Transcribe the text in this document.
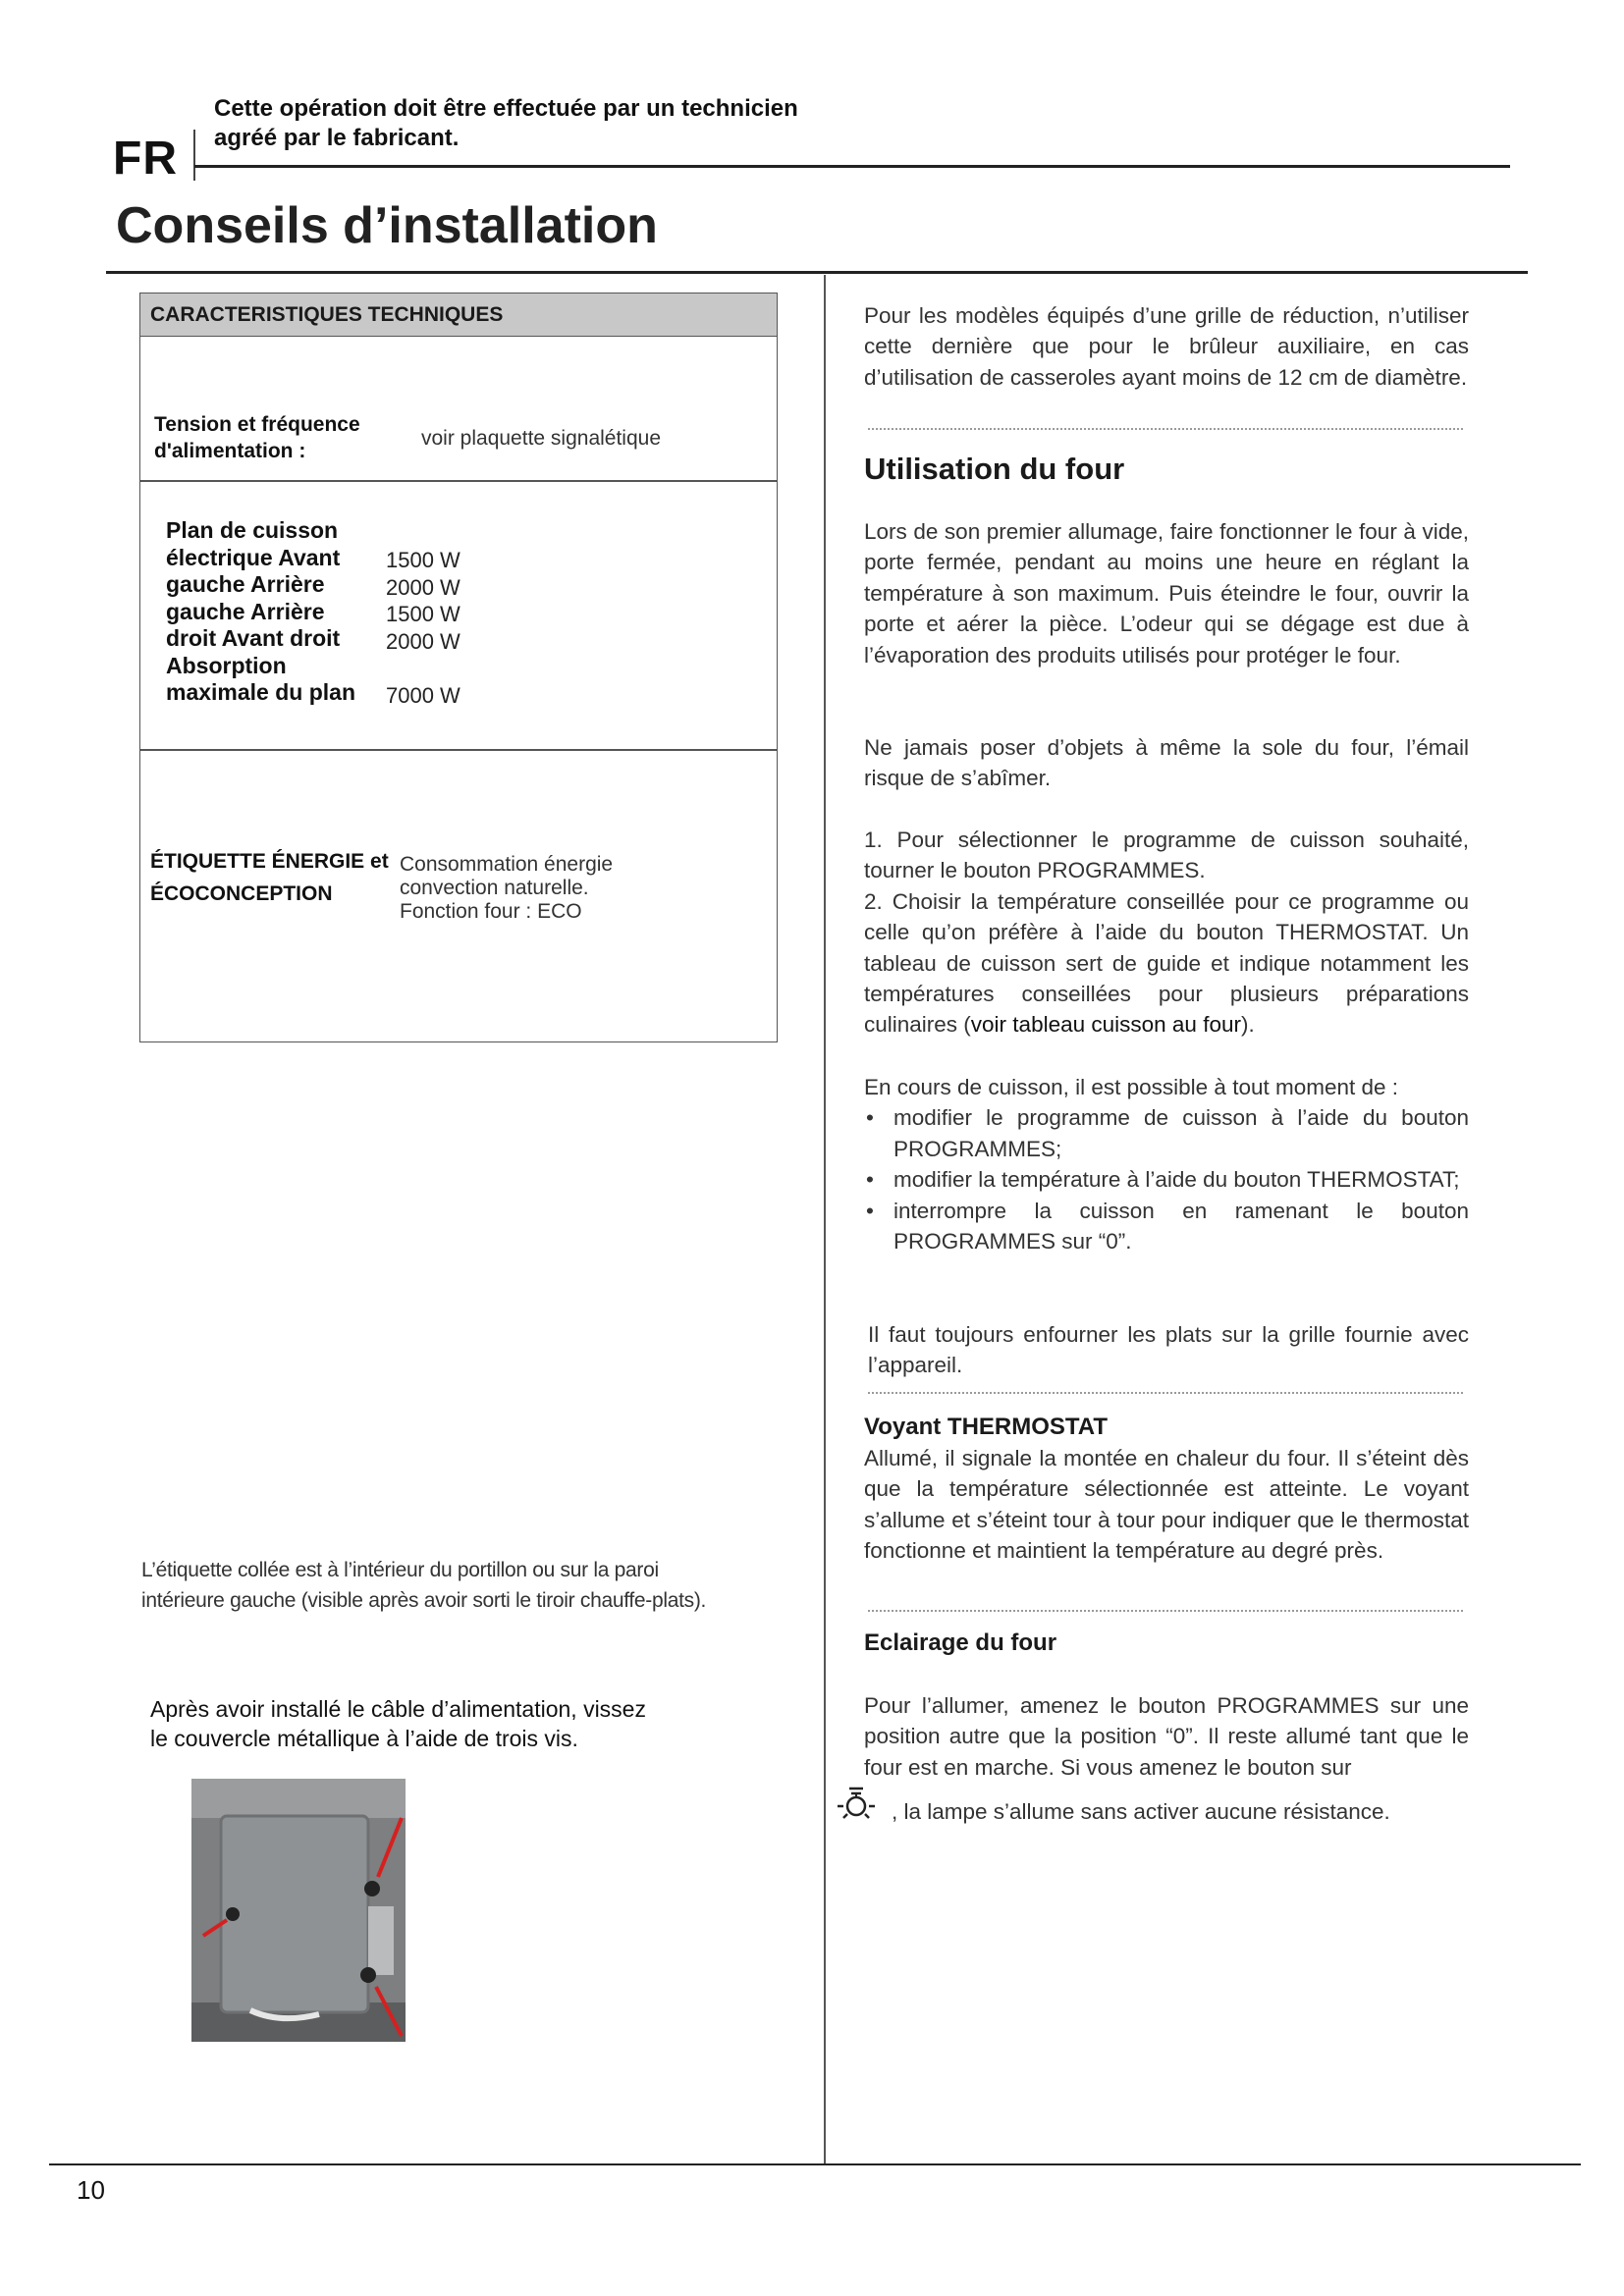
Cette opération doit être effectuée par un technicien
agréé par le fabricant.
FR
Conseils d’installation
CARACTERISTIQUES TECHNIQUES
Tension et fréquence
d'alimentation :
voir plaquette signalétique
Plan de cuisson
électrique Avant
gauche Arrière
gauche Arrière
droit Avant droit
Absorption
maximale du plan
1500 W
2000 W
1500 W
2000 W
7000 W
ÉTIQUETTE ÉNERGIE et
ÉCOCONCEPTION
Consommation énergie
convection naturelle.
Fonction four : ECO
L’étiquette collée est à l’intérieur du portillon ou sur la paroi
intérieure gauche (visible après avoir sorti le tiroir chauffe-plats).
Après avoir installé le câble d’alimentation, vissez
le couvercle métallique à l’aide de trois vis.
Pour les modèles équipés d’une grille de réduction, n’utiliser cette dernière que pour le brûleur auxiliaire, en cas d’utilisation de casseroles ayant moins de 12 cm de diamètre.
Utilisation du four
Lors de son premier allumage, faire fonctionner le four à vide, porte fermée, pendant au moins une heure en réglant la température à son maximum. Puis éteindre le four, ouvrir la porte et aérer la pièce. L’odeur qui se dégage est due à l’évaporation des produits utilisés pour protéger le four.
Ne jamais poser d’objets à même la sole du four, l’émail risque de s’abîmer.

1. Pour sélectionner le programme de cuisson souhaité, tourner le bouton PROGRAMMES.

2. Choisir la température conseillée pour ce programme ou celle qu’on préfère à l’aide du bouton THERMOSTAT. Un tableau de cuisson sert de guide et indique notamment les températures conseillées pour plusieurs préparations culinaires (voir tableau cuisson au four).

En cours de cuisson, il est possible à tout moment de :

• modifier le programme de cuisson à l’aide du bouton PROGRAMMES;
• modifier la température à l’aide du bouton THERMOSTAT;
• interrompre la cuisson en ramenant le bouton PROGRAMMES sur “0”.
Il faut toujours enfourner les plats sur la grille fournie avec l’appareil.
Voyant THERMOSTAT
Allumé, il signale la montée en chaleur du four. Il s’éteint dès que la température sélectionnée est atteinte. Le voyant s’allume et s’éteint tour à tour pour indiquer que le thermostat fonctionne et maintient la température au degré près.
Eclairage du four
Pour l’allumer, amenez le bouton PROGRAMMES sur une position autre que la position “0”. Il reste allumé tant que le four est en marche. Si vous amenez le bouton sur
, la lampe s’allume sans activer aucune résistance.
10
